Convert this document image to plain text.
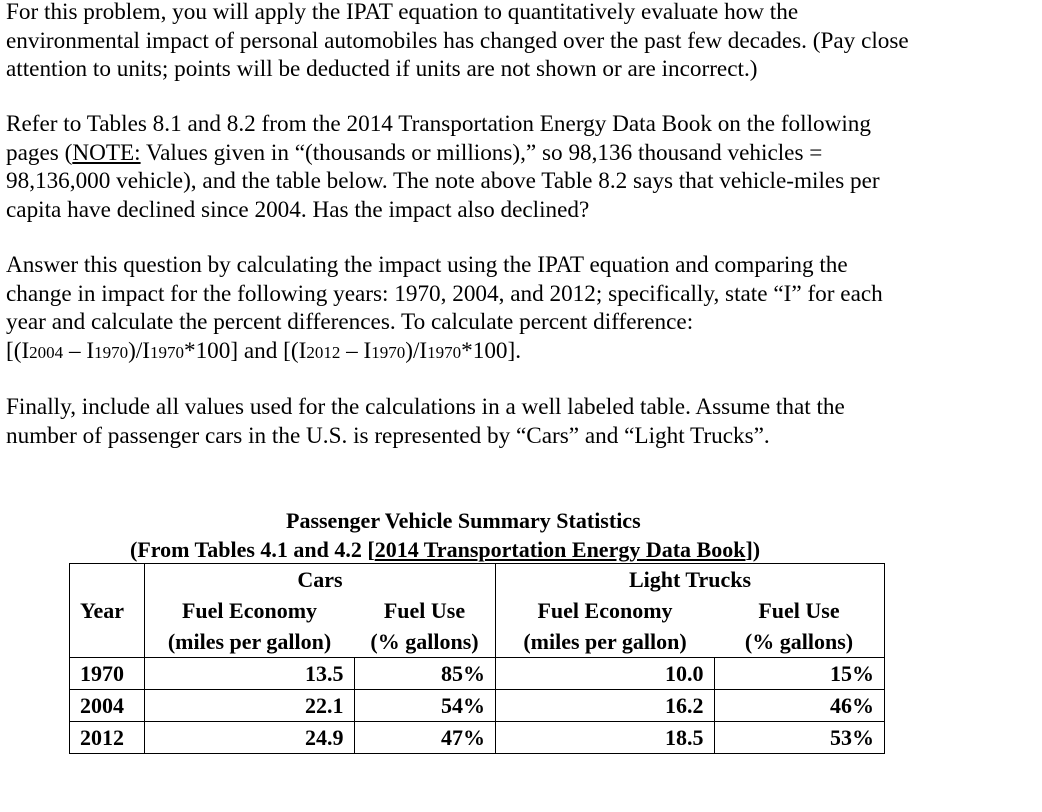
For this problem, you will apply the IPAT equation to quantitatively evaluate how the
environmental impact of personal automobiles has changed over the past few decades. (Pay close
attention to units; points will be deducted if units are not shown or are incorrect.)

Refer to Tables 8.1 and 8.2 from the 2014 Transportation Energy Data Book on the following
pages (NOTE: Values given in “(thousands or millions),” so 98,136 thousand vehicles =
98,136,000 vehicle), and the table below. The note above Table 8.2 says that vehicle-miles per
capita have declined since 2004. Has the impact also declined?

Answer this question by calculating the impact using the IPAT equation and comparing the
change in impact for the following years: 1970, 2004, and 2012; specifically, state “I” for each
year and calculate the percent differences. To calculate percent difference:
[(I2004 – I1970)/I1970*100] and [(I2012 – I1970)/I1970*100].

Finally, include all values used for the calculations in a well labeled table. Assume that the
number of passenger cars in the U.S. is represented by “Cars” and “Light Trucks”.

Passenger Vehicle Summary Statistics
(From Tables 4.1 and 4.2 [2014 Transportation Energy Data Book])
	Cars		Light Trucks	
Year	Fuel Economy	Fuel Use	Fuel Economy	Fuel Use
	(miles per gallon)	(% gallons)	(miles per gallon)	(% gallons)
1970	13.5	85%	10.0	15%
2004	22.1	54%	16.2	46%
2012	24.9	47%	18.5	53%
